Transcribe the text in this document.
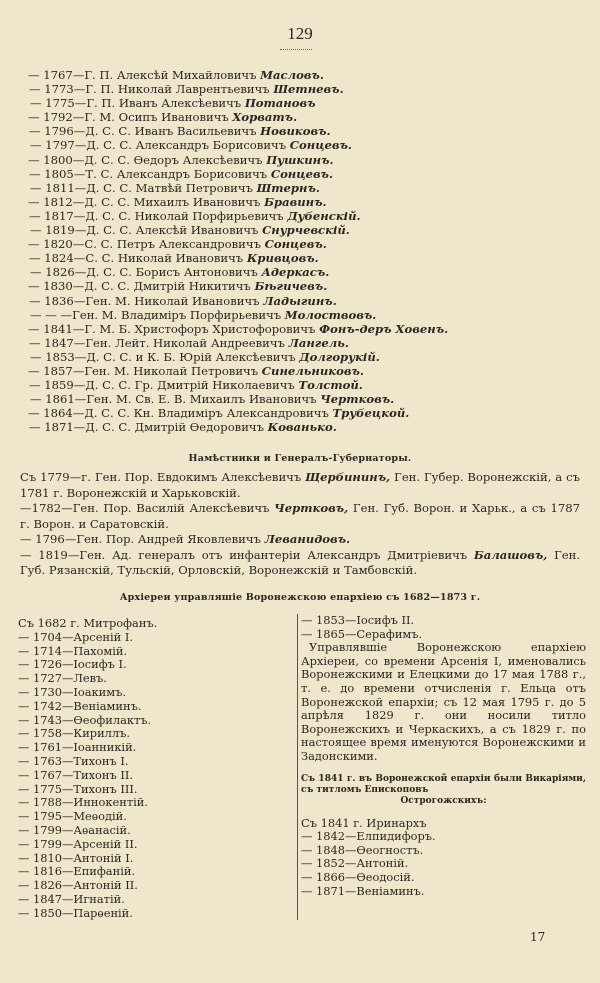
129
— 1767—Г. П. Алексѣй Михайловичъ Масловъ.
— 1773—Г. П. Николай Лаврентьевичъ Шетневъ.
— 1775—Г. П. Иванъ Алексѣевичъ Потановъ
— 1792—Г. М. Осипъ Ивановичъ Хорватъ.
— 1796—Д. С. С. Иванъ Васильевичъ Новиковъ.
— 1797—Д. С. С. Александръ Борисовичъ Сонцевъ.
— 1800—Д. С. С. Өедоръ Алексѣевичъ Пушкинъ.
— 1805—Т. С. Александръ Борисовичъ Сонцевъ.
— 1811—Д. С. С. Матвѣй Петровичъ Штернъ.
— 1812—Д. С. С. Михаилъ Ивановичъ Бравинъ.
— 1817—Д. С. С. Николай Порфирьевичъ Дубенскій.
— 1819—Д. С. С. Алексѣй Ивановичъ Снурчевскій.
— 1820—С. С. Петръ Александровичъ Сонцевъ.
— 1824—С. С. Николай Ивановичъ Кривцовъ.
— 1826—Д. С. С. Борисъ Антоновичъ Адеркасъ.
— 1830—Д. С. С. Дмитрій Никитичъ Бѣгичевъ.
— 1836—Ген. М. Николай Ивановичъ Ладыгинъ.
— — —Ген. М. Владиміръ Порфирьевичъ Молоствовъ.
— 1841—Г. М. Б. Христофоръ Христофоровичъ Фонъ-деръ Ховенъ.
— 1847—Ген. Лейт. Николай Андреевичъ Лангель.
— 1853—Д. С. С. и К. Б. Юрій Алексѣевичъ Долгорукій.
— 1857—Ген. М. Николай Петровичъ Синельниковъ.
— 1859—Д. С. С. Гр. Дмитрій Николаевичъ Толстой.
— 1861—Ген. М. Св. Е. В. Михаилъ Ивановичъ Чертковъ.
— 1864—Д. С. С. Кн. Владиміръ Александровичъ Трубецкой.
— 1871—Д. С. С. Дмитрій Өедоровичъ Кованько.
Намѣстники и Генералъ-Губернаторы.
Съ 1779—г. Ген. Пор. Евдокимъ Алексѣевичъ Щербининъ, Ген. Губер. Воронежскій, а съ 1781 г. Воронежскій и Харьковскій.
—1782—Ген. Пор. Василій Алексѣевичъ Чертковъ, Ген. Губ. Ворон. и Харьк., а съ 1787 г. Ворон. и Саратовскій.
— 1796—Ген. Пор. Андрей Яковлевичъ Леванидовъ.
— 1819—Ген. Ад. генералъ отъ инфантеріи Александръ Дмитріевичъ Балашовъ, Ген. Губ. Рязанскій, Тульскій, Орловскій, Воронежскій и Тамбовскій.
Архіереи управляшіе Воронежскою епархіею съ 1682—1873 г.
Съ 1682 г. Митрофанъ.
— 1704—Арсеній I.
— 1714—Пахомій.
— 1726—Іосифъ I.
— 1727—Левъ.
— 1730—Іоакимъ.
— 1742—Веніаминъ.
— 1743—Өеофилактъ.
— 1758—Кириллъ.
— 1761—Іоанникій.
— 1763—Тихонъ I.
— 1767—Тихонъ II.
— 1775—Тихонъ III.
— 1788—Иннокентій.
— 1795—Меѳодій.
— 1799—Аѳанасій.
— 1799—Арсеній II.
— 1810—Антоній I.
— 1816—Епифаній.
— 1826—Антоній II.
— 1847—Игнатій.
— 1850—Парѳеній.
— 1853—Іосифъ II.
— 1865—Серафимъ.

Управлявшіе Воронежскою епархіею Архіереи, со времени Арсенія I, именовались Воронежскими и Елецкими до 17 мая 1788 г., т. е. до времени отчисленія г. Ельца отъ Воронежской епархіи; съ 12 мая 1795 г. до 5 апрѣля 1829 г. они носили титло Воронежскихъ и Черкаскихъ, а съ 1829 г. по настоящее время именуются Воронежскими и Задонскими.

Съ 1841 г. въ Воронежской епархіи были Викаріями, съ титломъ Епископовъ
Острогожскихъ:
Съ 1841 г. Иринархъ
— 1842—Елпидифоръ.
— 1848—Өеогностъ.
— 1852—Антоній.
— 1866—Өеодосій.
— 1871—Веніаминъ.
17
